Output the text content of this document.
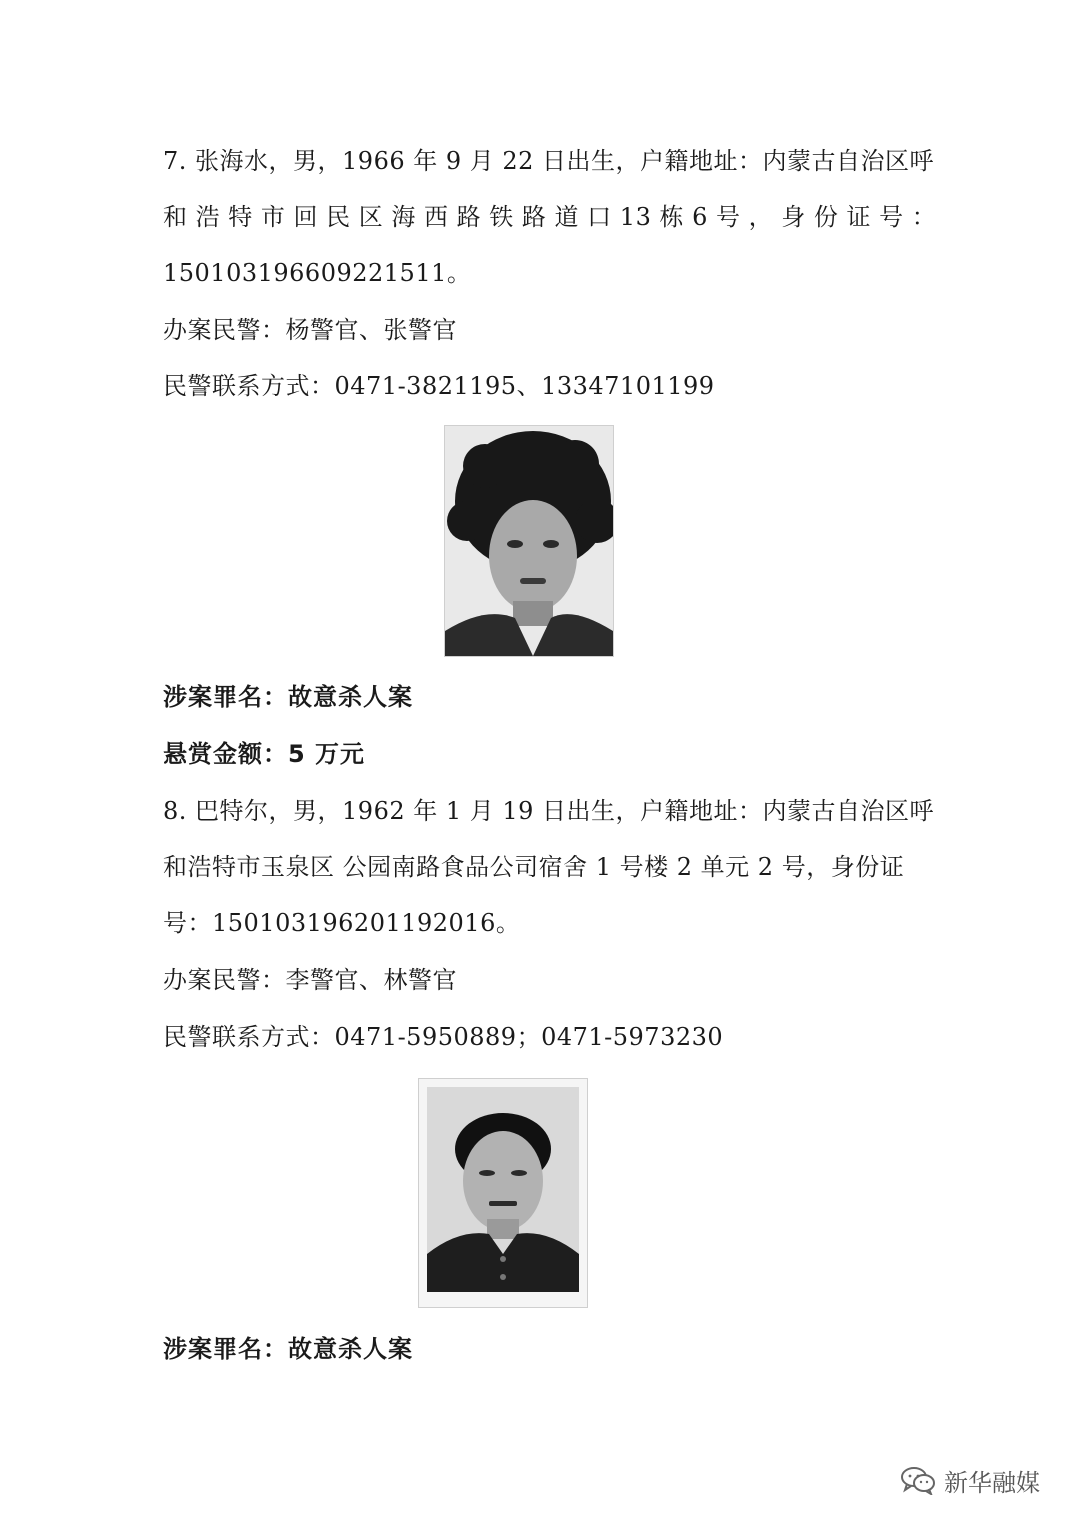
7. 张海水，男，1966 年 9 月 22 日出生，户籍地址：内蒙古自治区呼
和 浩 特 市 回 民 区 海 西 路 铁 路 道 口 13 栋 6 号 ， 身 份 证 号 ：
150103196609221511。
办案民警：杨警官、张警官
民警联系方式：0471-3821195、13347101199
涉案罪名：故意杀人案
悬赏金额：5 万元
8. 巴特尔，男，1962 年 1 月 19 日出生，户籍地址：内蒙古自治区呼
和浩特市玉泉区 公园南路食品公司宿舍 1 号楼 2 单元 2 号，身份证
号：150103196201192016。
办案民警：李警官、林警官
民警联系方式：0471-5950889；0471-5973230
涉案罪名：故意杀人案
新华融媒
